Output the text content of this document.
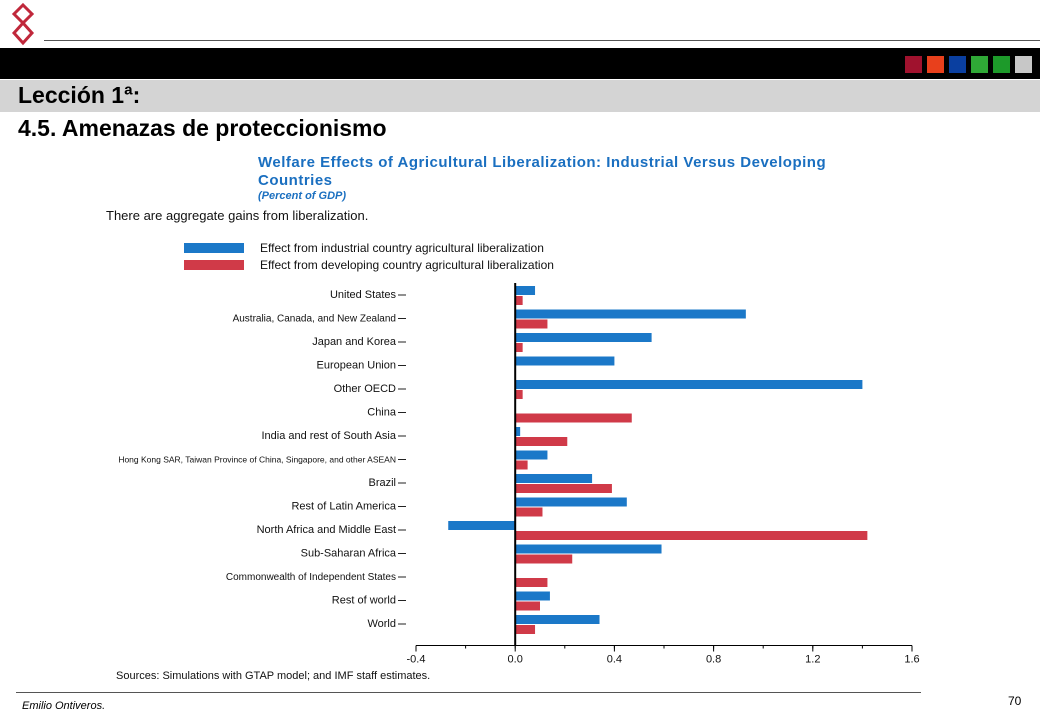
Lección 1ª:
4.5. Amenazas de proteccionismo
Welfare Effects of Agricultural Liberalization: Industrial Versus Developing Countries
(Percent of GDP)
There are aggregate gains from liberalization.
Effect from industrial country agricultural liberalization
Effect from developing country agricultural liberalization
United States
Australia, Canada, and New Zealand
Japan and Korea
European Union
Other OECD
China
India and rest of South Asia
Hong Kong SAR, Taiwan Province of China, Singapore, and other ASEAN
Brazil
Rest of Latin America
North Africa and Middle East
Sub-Saharan Africa
Commonwealth of Independent States
Rest of world
World
-0.4	0.0	0.4	0.8	1.2	1.6
Sources: Simulations with GTAP model; and IMF staff estimates.
Emilio Ontiveros.	70
